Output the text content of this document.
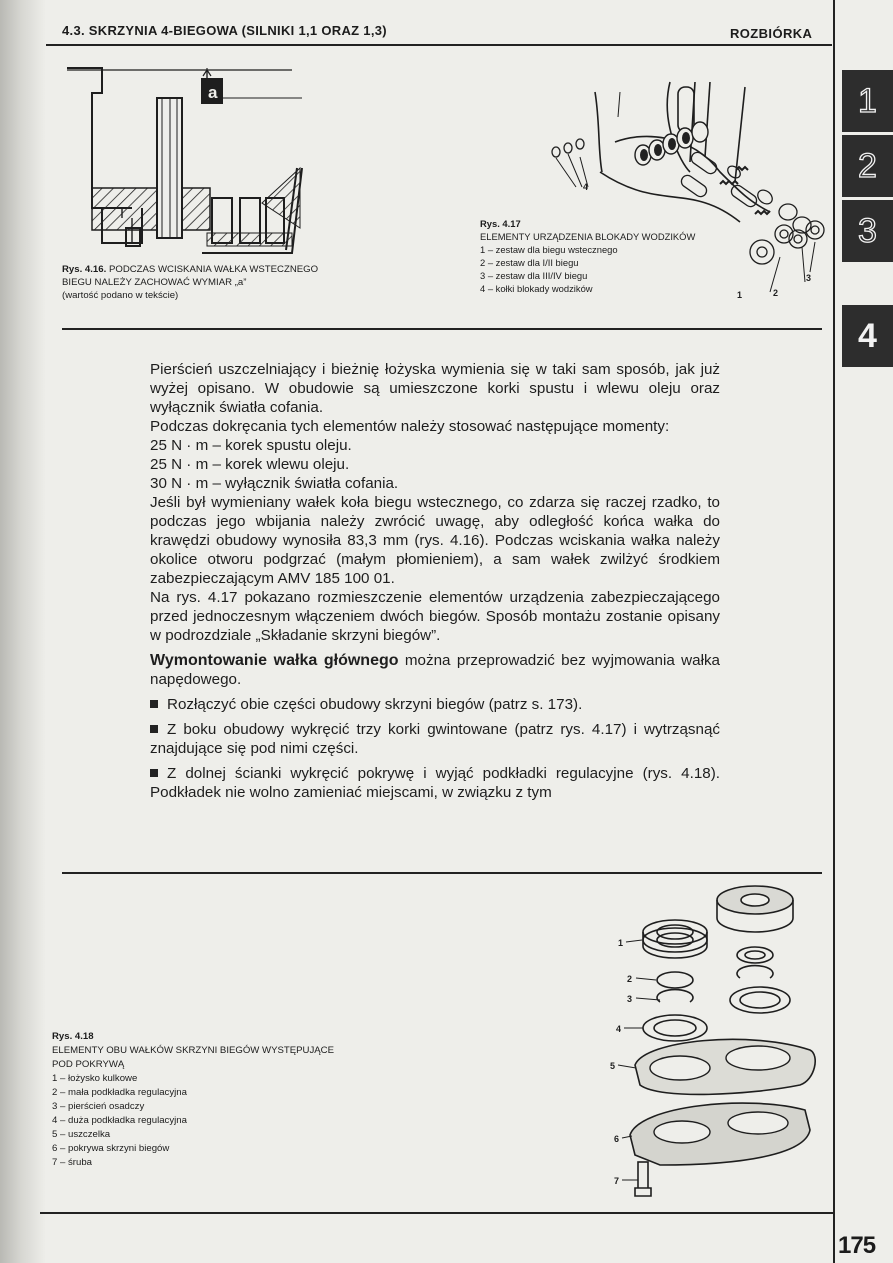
4.3. SKRZYNIA 4-BIEGOWA (SILNIKI 1,1 ORAZ 1,3)	ROZBIÓRKA
1
2
3
4
a
Rys. 4.16. PODCZAS WCISKANIA WAŁKA WSTECZNEGO
BIEGU NALEŻY ZACHOWAĆ WYMIAR „a”
(wartość podano w tekście)
4
1	2
3
Rys. 4.17
ELEMENTY URZĄDZENIA BLOKADY WODZIKÓW
1 – zestaw dla biegu wstecznego
2 – zestaw dla I/II biegu
3 – zestaw dla III/IV biegu
4 – kołki blokady wodzików

Pierścień uszczelniający i bieżnię łożyska wymienia się w taki sam sposób, jak już wyżej opisano. W obudowie są umieszczone korki spustu i wlewu oleju oraz wyłącznik światła cofania.

Podczas dokręcania tych elementów należy stosować następujące momenty:

25 N · m – korek spustu oleju.

25 N · m – korek wlewu oleju.

30 N · m – wyłącznik światła cofania.

Jeśli był wymieniany wałek koła biegu wstecznego, co zdarza się raczej rzadko, to podczas jego wbijania należy zwrócić uwagę, aby odległość końca wałka do krawędzi obudowy wynosiła 83,3 mm (rys. 4.16). Podczas wciskania wałka należy okolice otworu podgrzać (małym płomieniem), a sam wałek zwilżyć środkiem zabezpieczającym AMV 185 100 01.

Na rys. 4.17 pokazano rozmieszczenie elementów urządzenia zabezpieczającego przed jednoczesnym włączeniem dwóch biegów. Sposób montażu zostanie opisany w podrozdziale „Składanie skrzyni biegów”.

Wymontowanie wałka głównego można przeprowadzić bez wyjmowania wałka napędowego.

Rozłączyć obie części obudowy skrzyni biegów (patrz s. 173).

Z boku obudowy wykręcić trzy korki gwintowane (patrz rys. 4.17) i wytrząsnąć znajdujące się pod nimi części.

Z dolnej ścianki wykręcić pokrywę i wyjąć podkładki regulacyjne (rys. 4.18). Podkładek nie wolno zamieniać miejscami, w związku z tym

1
2
3
4
5
6
7
Rys. 4.18
ELEMENTY OBU WAŁKÓW SKRZYNI BIEGÓW WYSTĘPUJĄCE
POD POKRYWĄ
1 – łożysko kulkowe
2 – mała podkładka regulacyjna
3 – pierścień osadczy
4 – duża podkładka regulacyjna
5 – uszczelka
6 – pokrywa skrzyni biegów
7 – śruba
175
